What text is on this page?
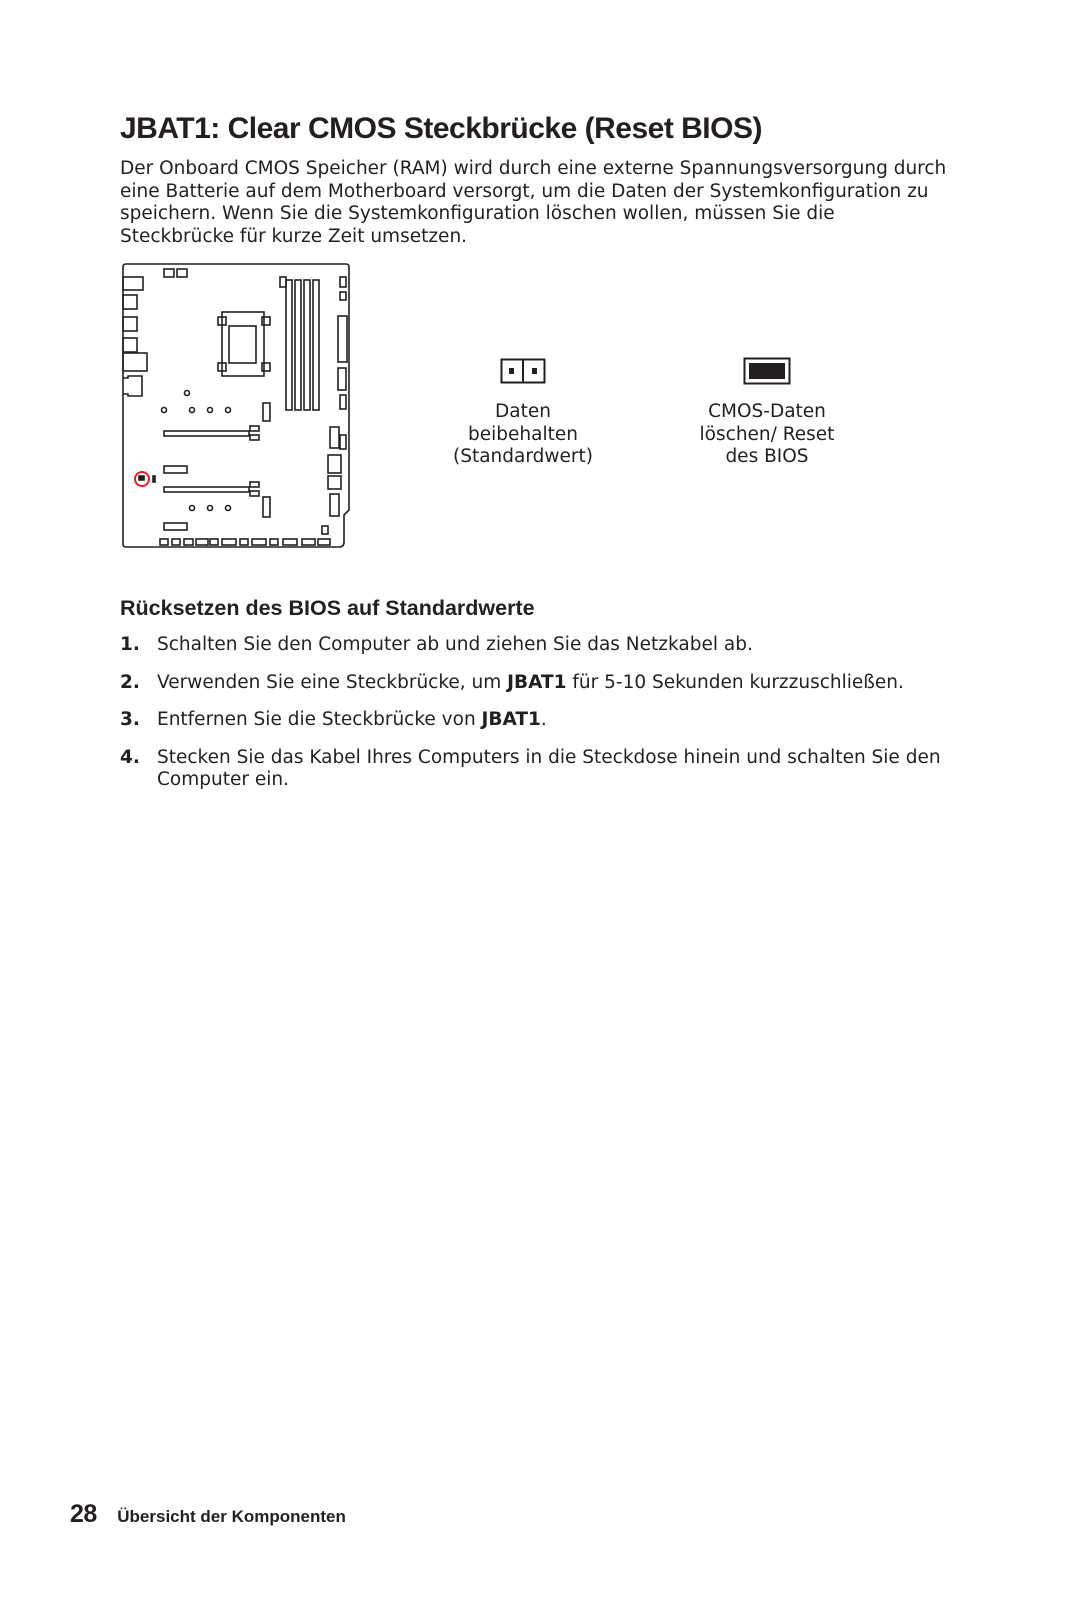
JBAT1: Clear CMOS Steckbrücke (Reset BIOS)

Der Onboard CMOS Speicher (RAM) wird durch eine externe Spannungsversorgung durch eine Batterie auf dem Motherboard versorgt, um die Daten der Systemkonfiguration zu speichern. Wenn Sie die Systemkonfiguration löschen wollen, müssen Sie die Steckbrücke für kurze Zeit umsetzen.

Daten
beibehalten
(Standardwert)
CMOS-Daten
löschen/ Reset
des BIOS
Rücksetzen des BIOS auf Standardwerte
1. Schalten Sie den Computer ab und ziehen Sie das Netzkabel ab.
2. Verwenden Sie eine Steckbrücke, um JBAT1 für 5-10 Sekunden kurzzuschließen.
3. Entfernen Sie die Steckbrücke von JBAT1.
4. Stecken Sie das Kabel Ihres Computers in die Steckdose hinein und schalten Sie den Computer ein.
28 Übersicht der Komponenten
